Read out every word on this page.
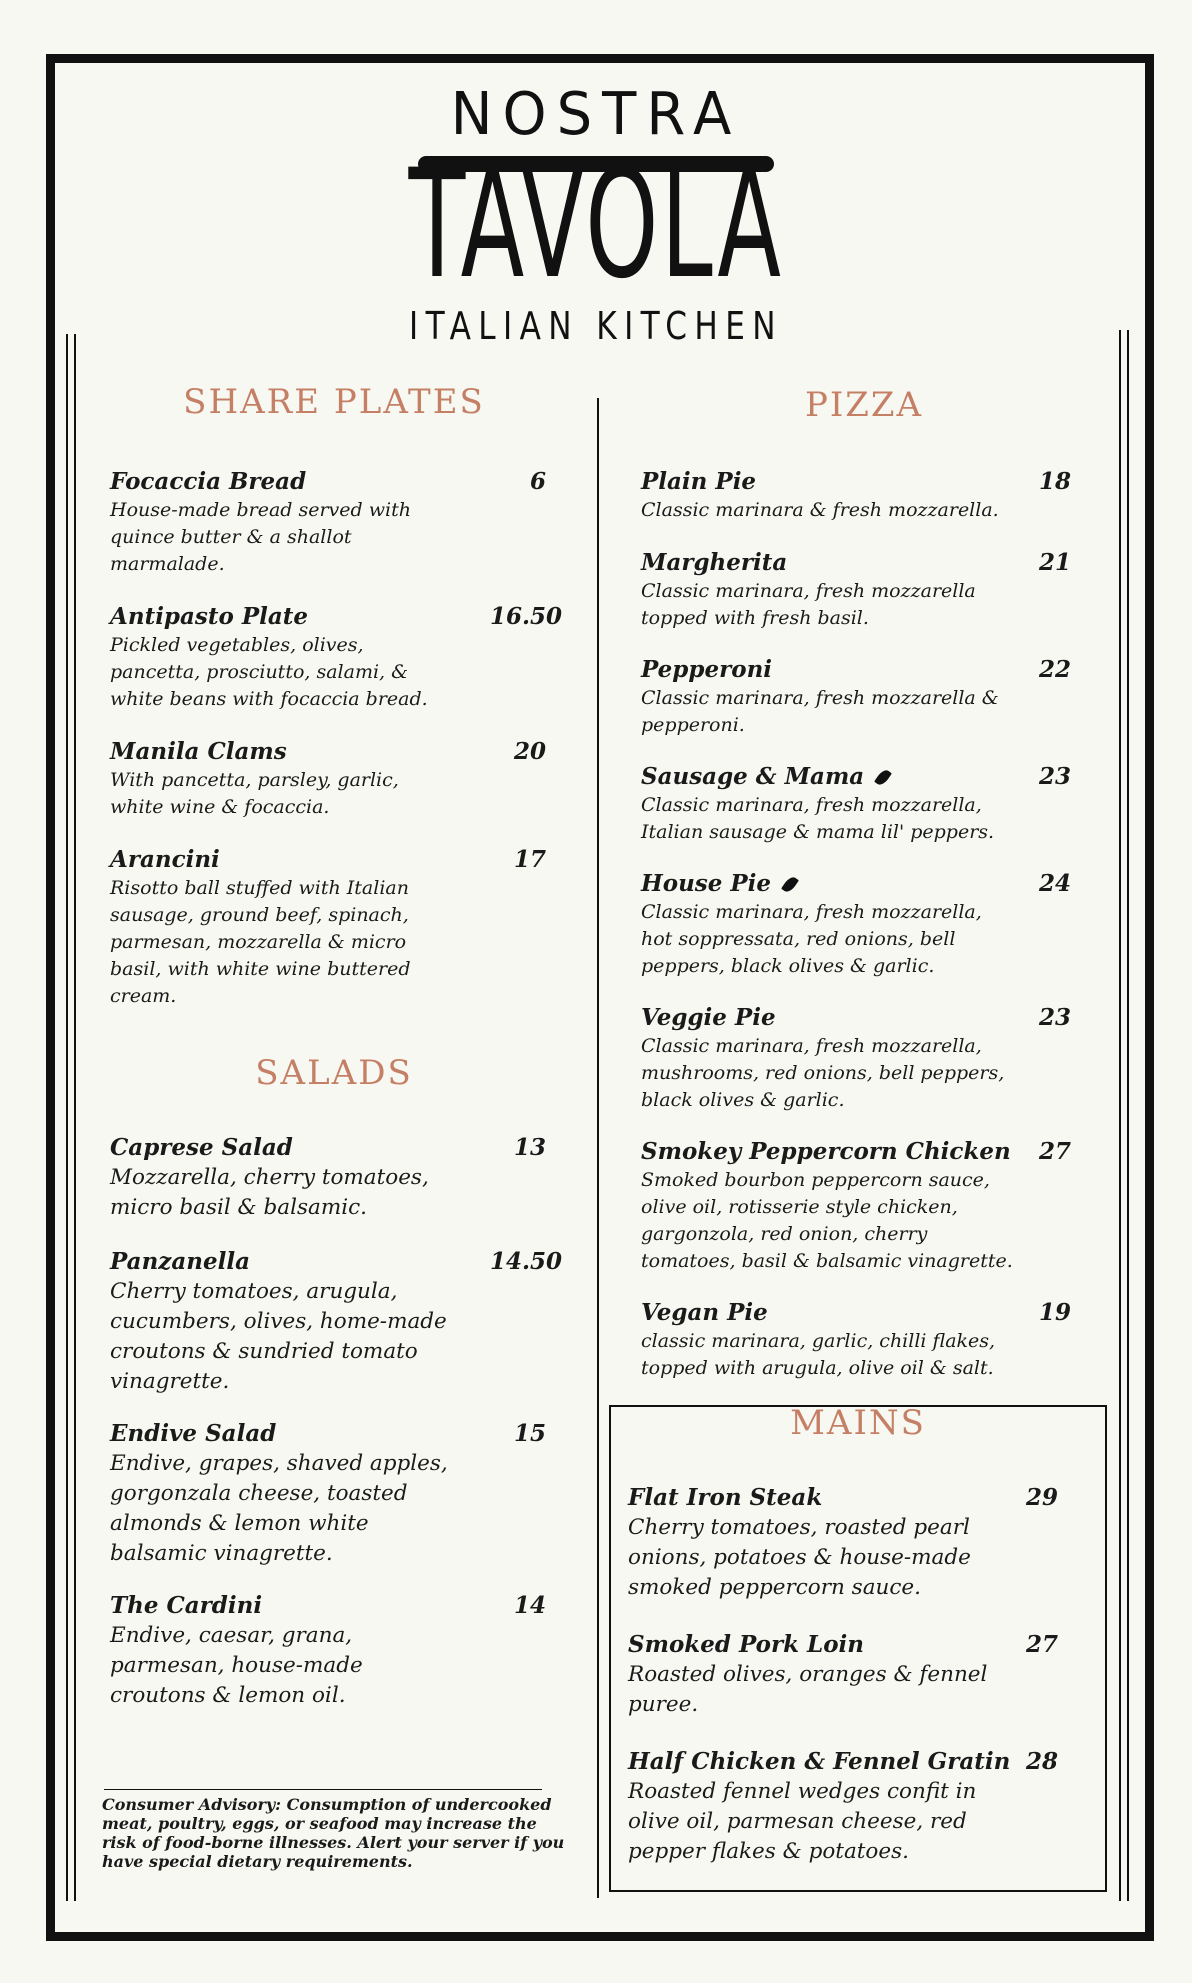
NOSTRA
TAVOLA
ITALIAN KITCHEN
SHARE PLATES
Focaccia Bread	6
House-made bread served with quince butter & a shallot marmalade.
Antipasto Plate	16.50
Pickled vegetables, olives, pancetta, prosciutto, salami, & white beans with focaccia bread.
Manila Clams	20
With pancetta, parsley, garlic, white wine & focaccia.
Arancini	17
Risotto ball stuffed with Italian sausage, ground beef, spinach, parmesan, mozzarella & micro basil, with white wine buttered cream.
SALADS
Caprese Salad	13
Mozzarella, cherry tomatoes, micro basil & balsamic.
Panzanella	14.50
Cherry tomatoes, arugula, cucumbers, olives, home-made croutons & sundried tomato vinagrette.
Endive Salad	15
Endive, grapes, shaved apples, gorgonzala cheese, toasted almonds & lemon white balsamic vinagrette.
The Cardini	14
Endive, caesar, grana, parmesan, house-made croutons & lemon oil.
Consumer Advisory: Consumption of undercooked meat, poultry, eggs, or seafood may increase the risk of food-borne illnesses. Alert your server if you have special dietary requirements.
PIZZA
Plain Pie	18
Classic marinara & fresh mozzarella.
Margherita	21
Classic marinara, fresh mozzarella topped with fresh basil.
Pepperoni	22
Classic marinara, fresh mozzarella & pepperoni.
Sausage & Mama	23
Classic marinara, fresh mozzarella, Italian sausage & mama lil' peppers.
House Pie	24
Classic marinara, fresh mozzarella, hot soppressata, red onions, bell peppers, black olives & garlic.
Veggie Pie	23
Classic marinara, fresh mozzarella, mushrooms, red onions, bell peppers, black olives & garlic.
Smokey Peppercorn Chicken	27
Smoked bourbon peppercorn sauce, olive oil, rotisserie style chicken, gargonzola, red onion, cherry tomatoes, basil & balsamic vinagrette.
Vegan Pie	19
classic marinara, garlic, chilli flakes, topped with arugula, olive oil & salt.
MAINS
Flat Iron Steak	29
Cherry tomatoes, roasted pearl onions, potatoes & house-made smoked peppercorn sauce.
Smoked Pork Loin	27
Roasted olives, oranges & fennel puree.
Half Chicken & Fennel Gratin 28
Roasted fennel wedges confit in olive oil, parmesan cheese, red pepper flakes & potatoes.
